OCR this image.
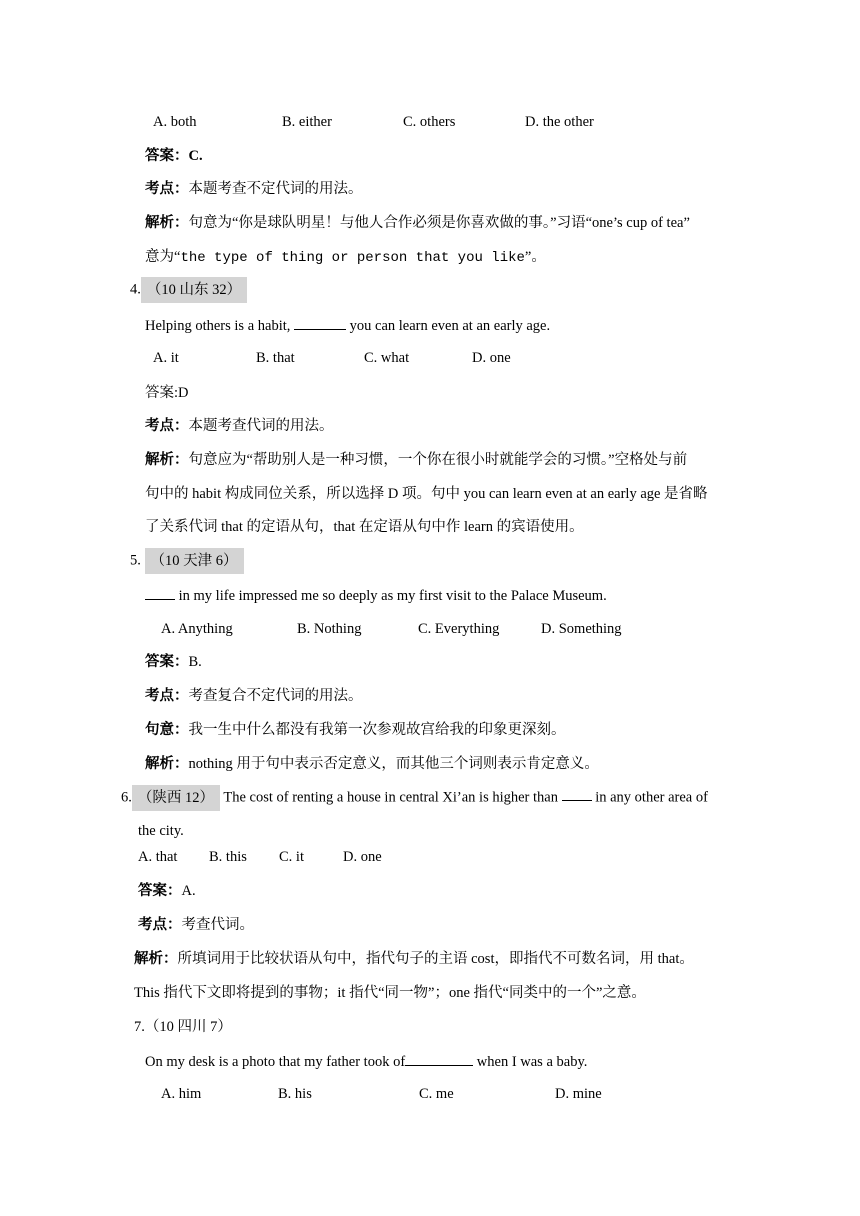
A. both	B. either	C. others	D. the other
答案：C.
考点：本题考查不定代词的用法。
解析：句意为“你是球队明星！与他人合作必须是你喜欢做的事。”习语“one’s cup of tea”
意为“the type of thing or person that you like”。
4. （10 山东 32）
Helping others is a habit,	you can learn even at an early age.
A. it	B. that	C. what	D. one
答案:D
考点：本题考查代词的用法。
解析：句意应为“帮助别人是一种习惯，一个你在很小时就能学会的习惯。”空格处与前
句中的 habit 构成同位关系，所以选择 D 项。句中 you can learn even at an early age 是省略
了关系代词 that 的定语从句，that 在定语从句中作 learn 的宾语使用。
5. （10 天津 6）
in my life impressed me so deeply as my first visit to the Palace Museum.
A. Anything	B. Nothing	C. Everything	D. Something
答案：B.
考点：考查复合不定代词的用法。
句意：我一生中什么都没有我第一次参观故宫给我的印象更深刻。
解析：nothing 用于句中表示否定意义，而其他三个词则表示肯定意义。
6. （陕西 12） The cost of renting a house in central Xi’an is higher than  in any other area of
the city.
A. that B. this C. it	D. one
答案：A.
考点：考查代词。
解析：所填词用于比较状语从句中，指代句子的主语 cost，即指代不可数名词，用 that。
This 指代下文即将提到的事物；it 指代“同一物”；one 指代“同类中的一个”之意。
7.（10 四川 7）
On my desk is a photo that my father took of	when I was a baby.
A. him	B. his	C. me	D. mine
